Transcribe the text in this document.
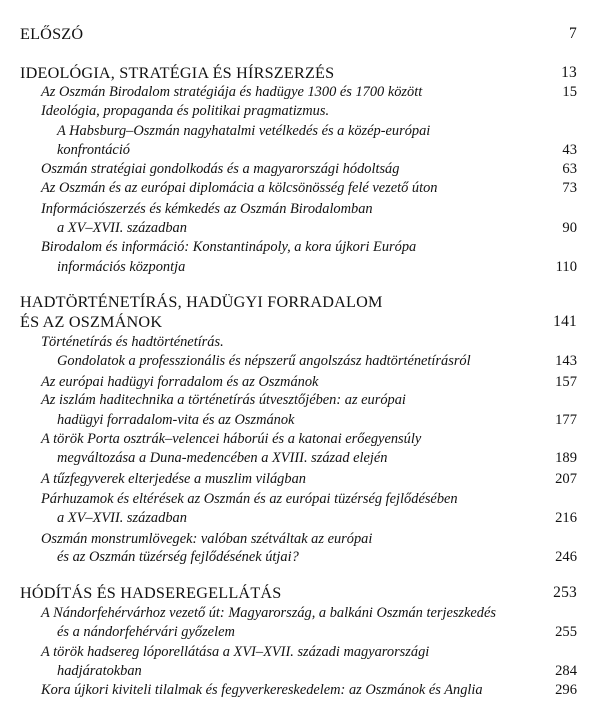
ELŐSZÓ	7
IDEOLÓGIA, STRATÉGIA ÉS HÍRSZERZÉS	13
Az Oszmán Birodalom stratégiája és hadügye 1300 és 1700 között	15
Ideológia, propaganda és politikai pragmatizmus.
A Habsburg–Oszmán nagyhatalmi vetélkedés és a közép-európai
konfrontáció	43
Oszmán stratégiai gondolkodás és a magyarországi hódoltság	63
Az Oszmán és az európai diplomácia a kölcsönösség felé vezető úton	73
Információszerzés és kémkedés az Oszmán Birodalomban
a XV–XVII. században	90
Birodalom és információ: Konstantinápoly, a kora újkori Európa
információs központja	110
HADTÖRTÉNETÍRÁS, HADÜGYI FORRADALOM
ÉS AZ OSZMÁNOK	141
Történetírás és hadtörténetírás.
Gondolatok a professzionális és népszerű angolszász hadtörténetírásról	143
Az európai hadügyi forradalom és az Oszmánok	157
Az iszlám haditechnika a történetírás útvesztőjében: az európai
hadügyi forradalom-vita és az Oszmánok	177
A török Porta osztrák–velencei háborúi és a katonai erőegyensúly
megváltozása a Duna-medencében a XVIII. század elején	189
A tűzfegyverek elterjedése a muszlim világban	207
Párhuzamok és eltérések az Oszmán és az európai tüzérség fejlődésében
a XV–XVII. században	216
Oszmán monstrumlövegek: valóban szétváltak az európai
és az Oszmán tüzérség fejlődésének útjai?	246
HÓDÍTÁS ÉS HADSEREGELLÁTÁS	253
A Nándorfehérvárhoz vezető út: Magyarország, a balkáni Oszmán terjeszkedés
és a nándorfehérvári győzelem	255
A török hadsereg lóporellátása a XVI–XVII. századi magyarországi
hadjáratokban	284
Kora újkori kiviteli tilalmak és fegyverkereskedelem: az Oszmánok és Anglia	296
